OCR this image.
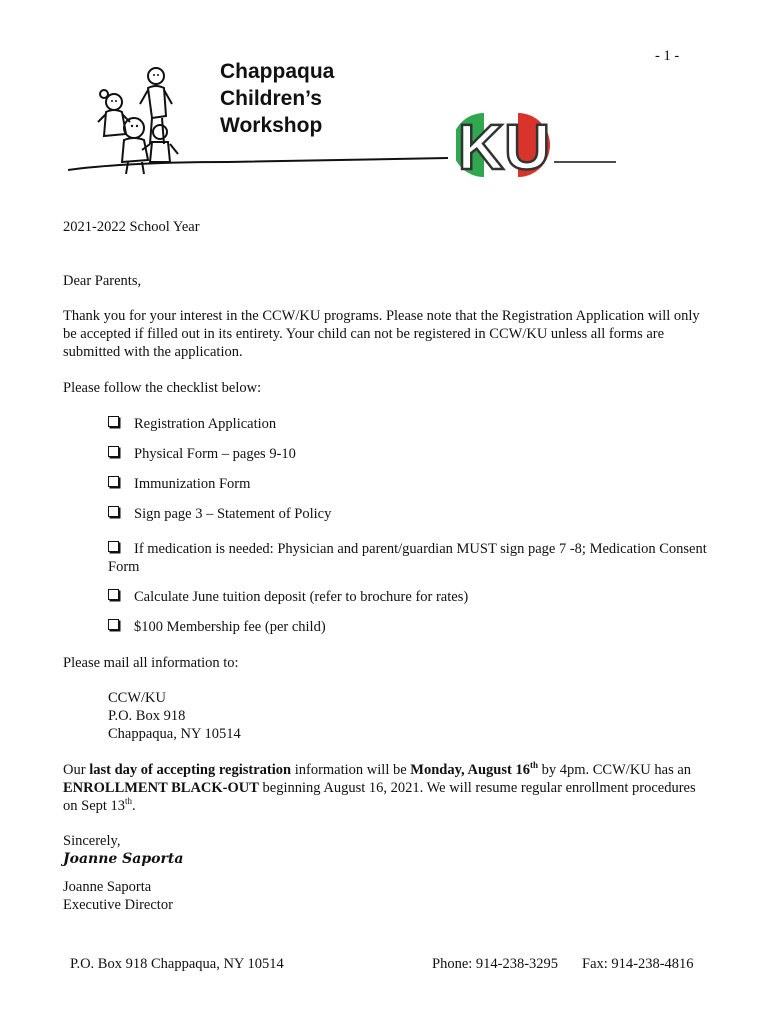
- 1 -
Chappaqua
Children’s
Workshop KU
2021-2022 School Year
Dear Parents,
Thank you for your interest in the CCW/KU programs. Please note that the Registration Application will only be accepted if filled out in its entirety. Your child can not be registered in CCW/KU unless all forms are submitted with the application.
Please follow the checklist below:
Registration Application
Physical Form – pages 9-10
Immunization Form
Sign page 3 – Statement of Policy
If medication is needed: Physician and parent/guardian MUST sign page 7 -8; Medication Consent Form
Calculate June tuition deposit (refer to brochure for rates)
$100 Membership fee (per child)
Please mail all information to:
CCW/KU
P.O. Box 918
Chappaqua, NY 10514
Our last day of accepting registration information will be Monday, August 16th by 4pm. CCW/KU has an ENROLLMENT BLACK-OUT beginning August 16, 2021. We will resume regular enrollment procedures on Sept 13th.
Sincerely,
Joanne Saporta
Joanne Saporta
Executive Director
P.O. Box 918 Chappaqua, NY 10514	Phone: 914-238-3295 Fax: 914-238-4816
